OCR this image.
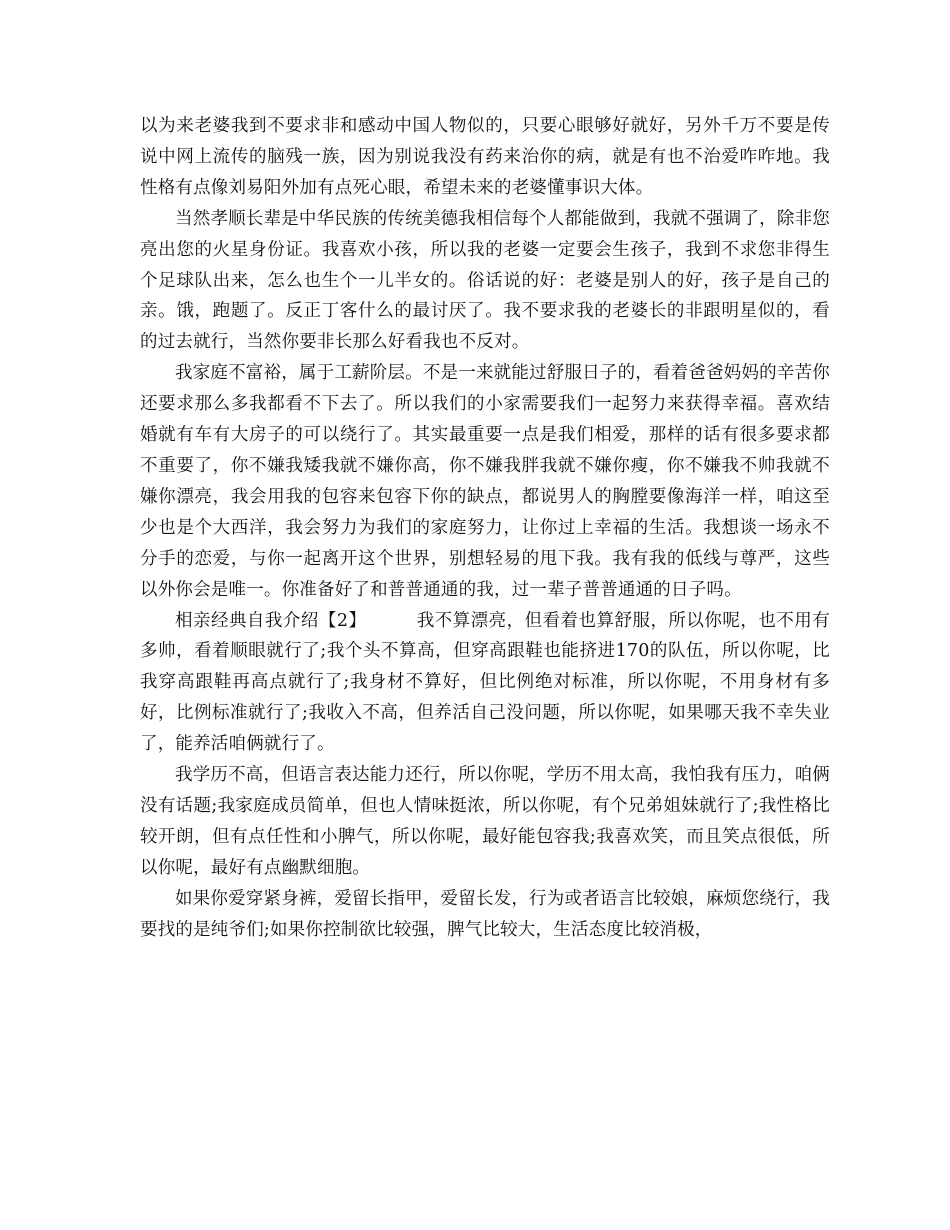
以为来老婆我到不要求非和感动中国人物似的，只要心眼够好就好，另外千万不要是传说中网上流传的脑残一族，因为别说我没有药来治你的病，就是有也不治爱咋咋地。我性格有点像刘易阳外加有点死心眼，希望未来的老婆懂事识大体。

当然孝顺长辈是中华民族的传统美德我相信每个人都能做到，我就不强调了，除非您亮出您的火星身份证。我喜欢小孩，所以我的老婆一定要会生孩子，我到不求您非得生个足球队出来，怎么也生个一儿半女的。俗话说的好：老婆是别人的好，孩子是自己的亲。饿，跑题了。反正丁客什么的最讨厌了。我不要求我的老婆长的非跟明星似的，看的过去就行，当然你要非长那么好看我也不反对。

我家庭不富裕，属于工薪阶层。不是一来就能过舒服日子的，看着爸爸妈妈的辛苦你还要求那么多我都看不下去了。所以我们的小家需要我们一起努力来获得幸福。喜欢结婚就有车有大房子的可以绕行了。其实最重要一点是我们相爱，那样的话有很多要求都不重要了，你不嫌我矮我就不嫌你高，你不嫌我胖我就不嫌你瘦，你不嫌我不帅我就不嫌你漂亮，我会用我的包容来包容下你的缺点，都说男人的胸膛要像海洋一样，咱这至少也是个大西洋，我会努力为我们的家庭努力，让你过上幸福的生活。我想谈一场永不分手的恋爱，与你一起离开这个世界，别想轻易的甩下我。我有我的低线与尊严，这些以外你会是唯一。你准备好了和普普通通的我，过一辈子普普通通的日子吗。

相亲经典自我介绍【2】	我不算漂亮，但看着也算舒服，所以你呢，也不用有多帅，看着顺眼就行了;我个头不算高，但穿高跟鞋也能挤进170的队伍，所以你呢，比我穿高跟鞋再高点就行了;我身材不算好，但比例绝对标准，所以你呢，不用身材有多好，比例标准就行了;我收入不高，但养活自己没问题，所以你呢，如果哪天我不幸失业了，能养活咱俩就行了。

我学历不高，但语言表达能力还行，所以你呢，学历不用太高，我怕我有压力，咱俩没有话题;我家庭成员简单，但也人情味挺浓，所以你呢，有个兄弟姐妹就行了;我性格比较开朗，但有点任性和小脾气，所以你呢，最好能包容我;我喜欢笑，而且笑点很低，所以你呢，最好有点幽默细胞。

如果你爱穿紧身裤，爱留长指甲，爱留长发，行为或者语言比较娘，麻烦您绕行，我要找的是纯爷们;如果你控制欲比较强，脾气比较大，生活态度比较消极，
